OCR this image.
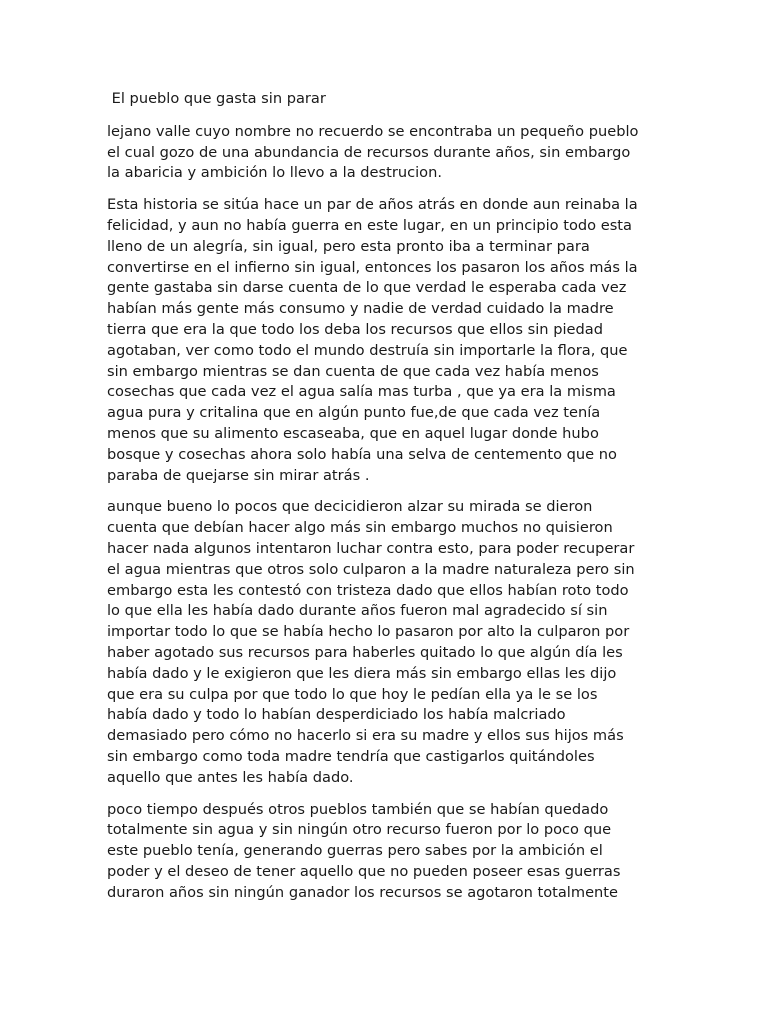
El pueblo que gasta sin parar

lejano valle cuyo nombre no recuerdo se encontraba un pequeño pueblo
el cual gozo de una abundancia de recursos durante años, sin embargo
la abaricia y ambición lo llevo a la destrucion.

Esta historia se sitúa hace un par de años atrás en donde aun reinaba la
felicidad, y aun no había guerra en este lugar, en un principio todo esta
lleno de un alegría, sin igual, pero esta pronto iba a terminar para
convertirse en el infierno sin igual, entonces los pasaron los años más la
gente gastaba sin darse cuenta de lo que verdad le esperaba cada vez
habían más gente más consumo y nadie de verdad cuidado la madre
tierra que era la que todo los deba los recursos que ellos sin piedad
agotaban, ver como todo el mundo destruía sin importarle la flora, que
sin embargo mientras se dan cuenta de que cada vez había menos
cosechas que cada vez el agua salía mas turba , que ya era la misma
agua pura y critalina que en algún punto fue,de que cada vez tenía
menos que su alimento escaseaba, que en aquel lugar donde hubo
bosque y cosechas ahora solo había una selva de centemento que no
paraba de quejarse sin mirar atrás .

aunque bueno lo pocos que decicidieron alzar su mirada se dieron
cuenta que debían hacer algo más sin embargo muchos no quisieron
hacer nada algunos intentaron luchar contra esto, para poder recuperar
el agua mientras que otros solo culparon a la madre naturaleza pero sin
embargo esta les contestó con tristeza dado que ellos habían roto todo
lo que ella les había dado durante años fueron mal agradecido sí sin
importar todo lo que se había hecho lo pasaron por alto la culparon por
haber agotado sus recursos para haberles quitado lo que algún día les
había dado y le exigieron que les diera más sin embargo ellas les dijo
que era su culpa por que todo lo que hoy le pedían ella ya le se los
había dado y todo lo habían desperdiciado los había malcriado
demasiado pero cómo no hacerlo si era su madre y ellos sus hijos más
sin embargo como toda madre tendría que castigarlos quitándoles
aquello que antes les había dado.

poco tiempo después otros pueblos también que se habían quedado
totalmente sin agua y sin ningún otro recurso fueron por lo poco que
este pueblo tenía, generando guerras pero sabes por la ambición el
poder y el deseo de tener aquello que no pueden poseer esas guerras
duraron años sin ningún ganador los recursos se agotaron totalmente
